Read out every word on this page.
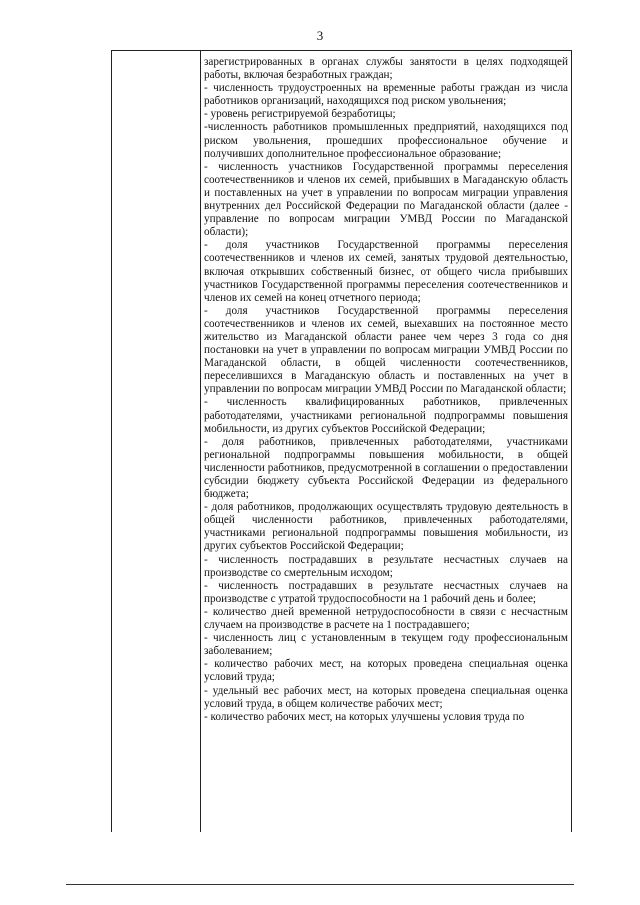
3

зарегистрированных в органах службы занятости в целях подходящей работы, включая безработных граждан;

- численность трудоустроенных на временные работы граждан из числа работников организаций, находящихся под риском увольнения;

- уровень регистрируемой безработицы;

-численность работников промышленных предприятий, находящихся под риском увольнения, прошедших профессиональное обучение и получивших дополнительное профессиональное образование;

- численность участников Государственной программы переселения соотечественников и членов их семей, прибывших в Магаданскую область и поставленных на учет в управлении по вопросам миграции управления внутренних дел Российской Федерации по Магаданской области (далее - управление по вопросам миграции УМВД России по Магаданской области);

- доля участников Государственной программы переселения соотечественников и членов их семей, занятых трудовой деятельностью, включая открывших собственный бизнес, от общего числа прибывших участников Государственной программы переселения соотечественников и членов их семей на конец отчетного периода;

- доля участников Государственной программы переселения соотечественников и членов их семей, выехавших на постоянное место жительство из Магаданской области ранее чем через 3 года со дня постановки на учет в управлении по вопросам миграции УМВД России по Магаданской области, в общей численности соотечественников, переселившихся в Магаданскую область и поставленных на учет в управлении по вопросам миграции УМВД России по Магаданской области;

- численность квалифицированных работников, привлеченных работодателями, участниками региональной подпрограммы повышения мобильности, из других субъектов Российской Федерации;

- доля работников, привлеченных работодателями, участниками региональной подпрограммы повышения мобильности, в общей численности работников, предусмотренной в соглашении о предоставлении субсидии бюджету субъекта Российской Федерации из федерального бюджета;

- доля работников, продолжающих осуществлять трудовую деятельность в общей численности работников, привлеченных работодателями, участниками региональной подпрограммы повышения мобильности, из других субъектов Российской Федерации;

- численность пострадавших в результате несчастных случаев на производстве со смертельным исходом;

- численность пострадавших в результате несчастных случаев на производстве с утратой трудоспособности на 1 рабочий день и более;

- количество дней временной нетрудоспособности в связи с несчастным случаем на производстве в расчете на 1 пострадавшего;

- численность лиц с установленным в текущем году профессиональным заболеванием;

- количество рабочих мест, на которых проведена специальная оценка условий труда;

- удельный вес рабочих мест, на которых проведена специальная оценка условий труда, в общем количестве рабочих мест;

- количество рабочих мест, на которых улучшены условия труда по
